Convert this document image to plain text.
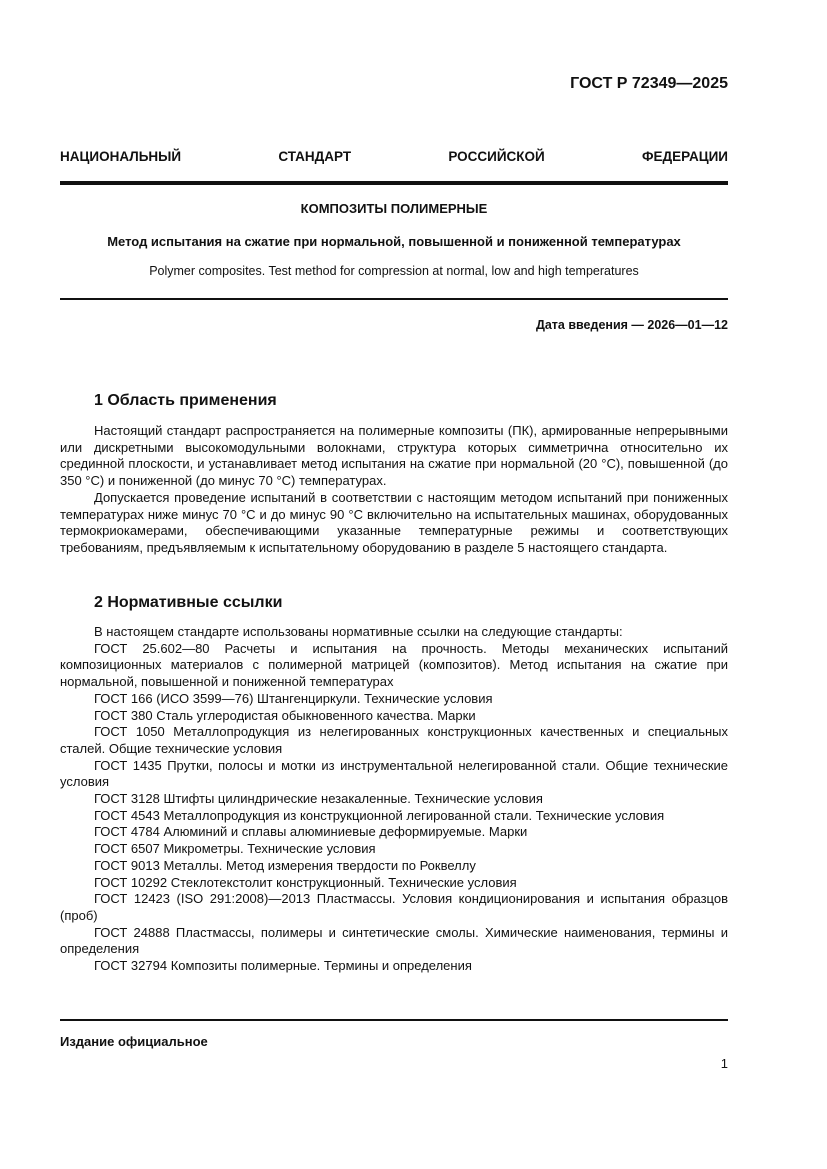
ГОСТ Р 72349—2025
НАЦИОНАЛЬНЫЙ СТАНДАРТ РОССИЙСКОЙ ФЕДЕРАЦИИ
КОМПОЗИТЫ ПОЛИМЕРНЫЕ
Метод испытания на сжатие при нормальной, повышенной и пониженной температурах
Polymer composites. Test method for compression at normal, low and high temperatures
Дата введения — 2026—01—12
1 Область применения

Настоящий стандарт распространяется на полимерные композиты (ПК), армированные непрерывными или дискретными высокомодульными волокнами, структура которых симметрична относительно их срединной плоскости, и устанавливает метод испытания на сжатие при нормальной (20 °С), повышенной (до 350 °С) и пониженной (до минус 70 °С) температурах.

Допускается проведение испытаний в соответствии с настоящим методом испытаний при пониженных температурах ниже минус 70 °С и до минус 90 °С включительно на испытательных машинах, оборудованных термокриокамерами, обеспечивающими указанные температурные режимы и соответствующих требованиям, предъявляемым к испытательному оборудованию в разделе 5 настоящего стандарта.

2 Нормативные ссылки

В настоящем стандарте использованы нормативные ссылки на следующие стандарты:

ГОСТ 25.602—80 Расчеты и испытания на прочность. Методы механических испытаний композиционных материалов с полимерной матрицей (композитов). Метод испытания на сжатие при нормальной, повышенной и пониженной температурах

ГОСТ 166 (ИСО 3599—76) Штангенциркули. Технические условия

ГОСТ 380 Сталь углеродистая обыкновенного качества. Марки

ГОСТ 1050 Металлопродукция из нелегированных конструкционных качественных и специальных сталей. Общие технические условия

ГОСТ 1435 Прутки, полосы и мотки из инструментальной нелегированной стали. Общие технические условия

ГОСТ 3128 Штифты цилиндрические незакаленные. Технические условия

ГОСТ 4543 Металлопродукция из конструкционной легированной стали. Технические условия

ГОСТ 4784 Алюминий и сплавы алюминиевые деформируемые. Марки

ГОСТ 6507 Микрометры. Технические условия

ГОСТ 9013 Металлы. Метод измерения твердости по Роквеллу

ГОСТ 10292 Стеклотекстолит конструкционный. Технические условия

ГОСТ 12423 (ISO 291:2008)—2013 Пластмассы. Условия кондиционирования и испытания образцов (проб)

ГОСТ 24888 Пластмассы, полимеры и синтетические смолы. Химические наименования, термины и определения

ГОСТ 32794 Композиты полимерные. Термины и определения

Издание официальное
1
